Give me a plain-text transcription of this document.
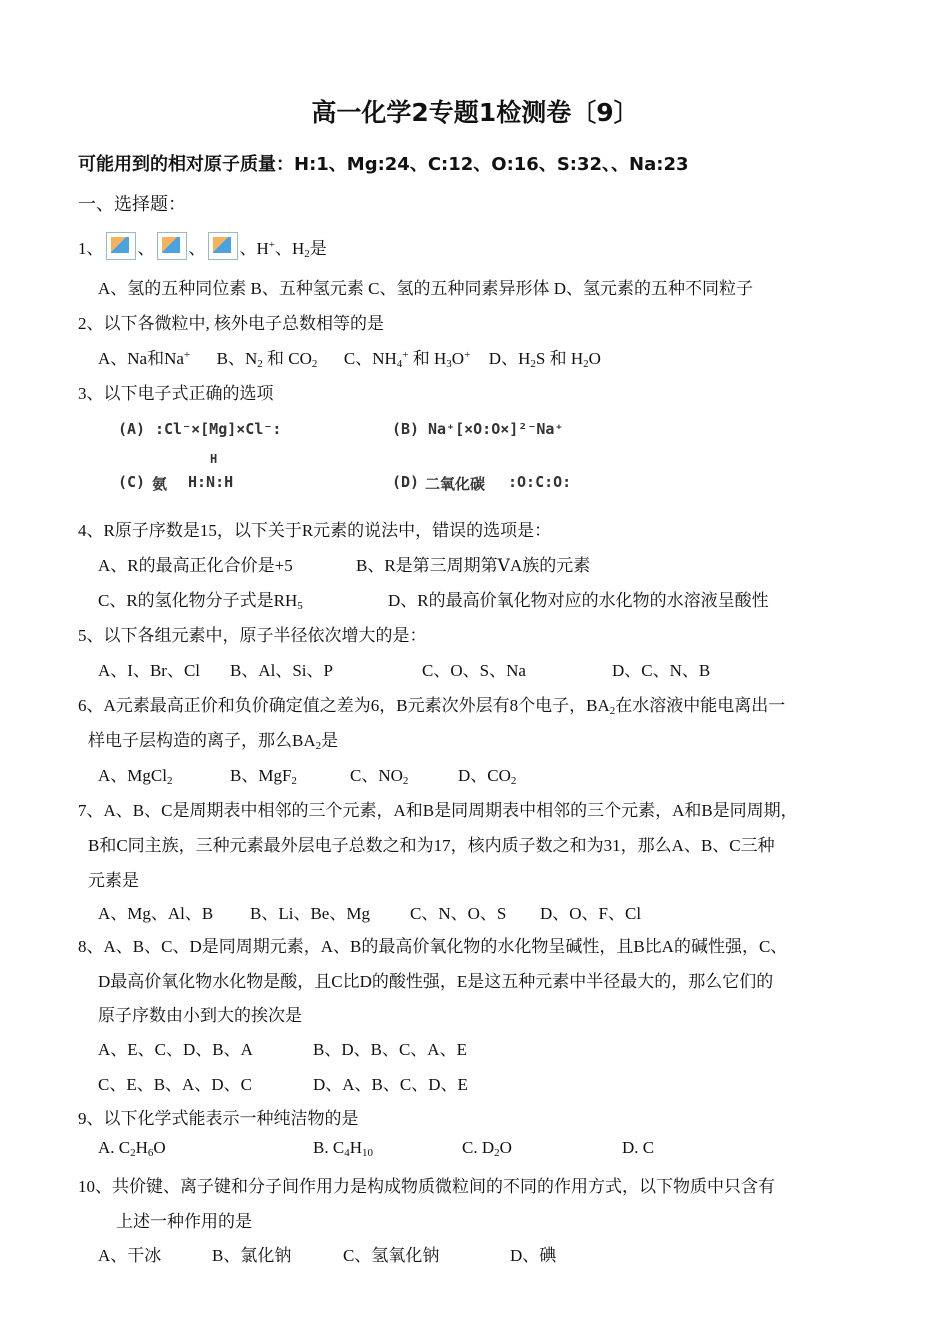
高一化学2专题1检测卷〔9〕
可能用到的相对原子质量：H:1、Mg:24、C:12、O:16、S:32、、Na:23
一、选择题：
1、 、 、 、H+、$H_2$是
A、氢的五种同位素 B、五种氢元素 C、氢的五种同素异形体 D、氢元素的五种不同粒子
2、以下各微粒中, 核外电子总数相等的是
A、Na和Na+ B、$N_2$ 和 $CO_2$ C、$NH_4^+$ 和 $H_3O^+$ D、$H_2S$ 和 $H_2O$
3、以下电子式正确的选项
(A) :Cl⁻×[Mg]×Cl⁻:	(B) Na⁺[×O:O×]²⁻Na⁺
H
(C) 氨 H:N:H	(D) 二氧化碳 :O:C:O:
4、R原子序数是15，以下关于R元素的说法中，错误的选项是：
A、R的最高正化合价是+5	B、R是第三周期第ⅤA族的元素
C、R的氢化物分子式是$RH_5$	D、R的最高价氧化物对应的水化物的水溶液呈酸性
5、以下各组元素中，原子半径依次增大的是：
A、I、Br、Cl B、Al、Si、P	C、O、S、Na	D、C、N、B
6、A元素最高正价和负价确定值之差为6，B元素次外层有8个电子，$BA_2$在水溶液中能电离出一
样电子层构造的离子，那么$BA_2$是
A、MgCl$_2$	B、MgF$_2$	C、$NO_2$	D、$CO_2$
7、A、B、C是周期表中相邻的三个元素，A和B是同周期表中相邻的三个元素，A和B是同周期，
B和C同主族，三种元素最外层电子总数之和为17，核内质子数之和为31，那么A、B、C三种
元素是
A、Mg、Al、B B、Li、Be、Mg C、N、O、S D、O、F、Cl
8、A、B、C、D是同周期元素，A、B的最高价氧化物的水化物呈碱性，且B比A的碱性强，C、
D最高价氧化物水化物是酸，且C比D的酸性强，E是这五种元素中半径最大的，那么它们的
原子序数由小到大的挨次是
A、E、C、D、B、A	B、D、B、C、A、E
C、E、B、A、D、C	D、A、B、C、D、E
9、以下化学式能表示一种纯洁物的是
A. $C_2H_6O$	B. $C_4H_{10}$	C. $D_2O$	D. C
10、共价键、离子键和分子间作用力是构成物质微粒间的不同的作用方式，以下物质中只含有
上述一种作用的是
A、干冰	B、氯化钠	C、氢氧化钠	D、碘
